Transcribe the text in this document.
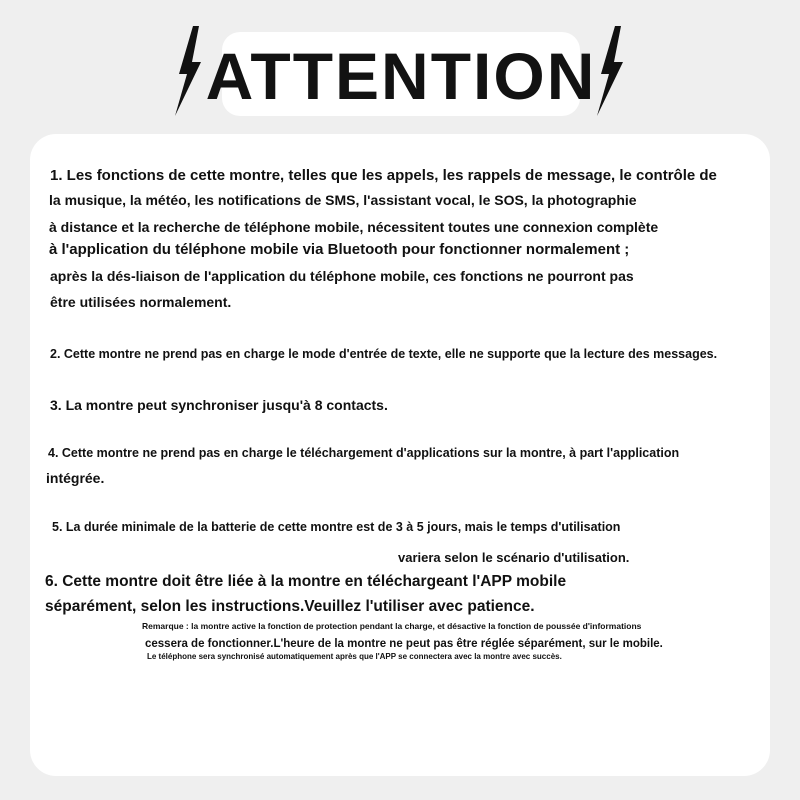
ATTENTION

1. Les fonctions de cette montre, telles que les appels, les rappels de message, le contrôle de

la musique, la météo, les notifications de SMS, l'assistant vocal, le SOS, la photographie

à distance et la recherche de téléphone mobile, nécessitent toutes une connexion complète

à l'application du téléphone mobile via Bluetooth pour fonctionner normalement ;

après la dés-liaison de l'application du téléphone mobile, ces fonctions ne pourront pas

être utilisées normalement.

2. Cette montre ne prend pas en charge le mode d'entrée de texte, elle ne supporte que la lecture des messages.

3. La montre peut synchroniser jusqu'à 8 contacts.

4. Cette montre ne prend pas en charge le téléchargement d'applications sur la montre, à part l'application

intégrée.

5. La durée minimale de la batterie de cette montre est de 3 à 5 jours, mais le temps d'utilisation

variera selon le scénario d'utilisation.

6. Cette montre doit être liée à la montre en téléchargeant l'APP mobile

séparément, selon les instructions.Veuillez l'utiliser avec patience.

Remarque : la montre active la fonction de protection pendant la charge, et désactive la fonction de poussée d'informations

cessera de fonctionner.L'heure de la montre ne peut pas être réglée séparément, sur le mobile.

Le téléphone sera synchronisé automatiquement après que l'APP se connectera avec la montre avec succès.
